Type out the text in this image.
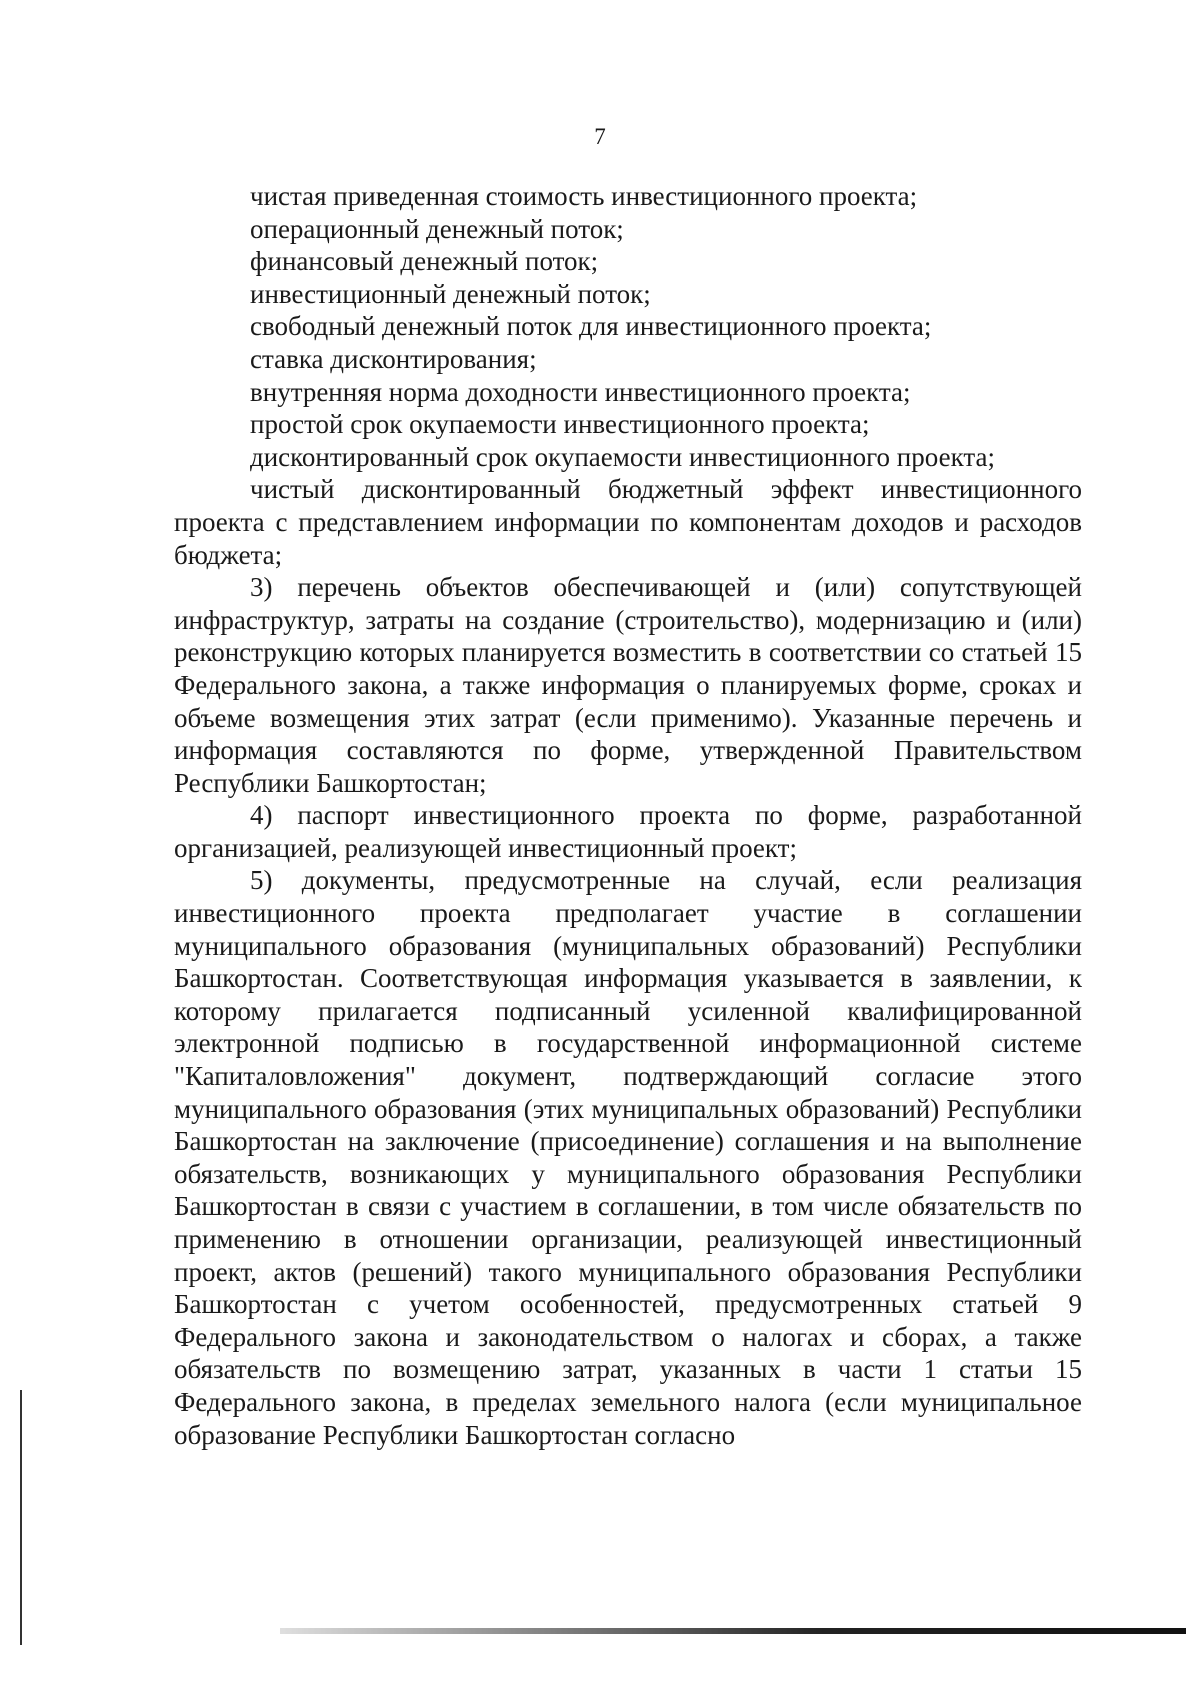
7

чистая приведенная стоимость инвестиционного проекта;

операционный денежный поток;

финансовый денежный поток;

инвестиционный денежный поток;

свободный денежный поток для инвестиционного проекта;

ставка дисконтирования;

внутренняя норма доходности инвестиционного проекта;

простой срок окупаемости инвестиционного проекта;

дисконтированный срок окупаемости инвестиционного проекта;

чистый дисконтированный бюджетный эффект инвестиционного проекта с представлением информации по компонентам доходов и расходов бюджета;

3) перечень объектов обеспечивающей и (или) сопутствующей инфраструктур, затраты на создание (строительство), модернизацию и (или) реконструкцию которых планируется возместить в соответствии со статьей 15 Федерального закона, а также информация о планируемых форме, сроках и объеме возмещения этих затрат (если применимо). Указанные перечень и информация составляются по форме, утвержденной Правительством Республики Башкортостан;

4) паспорт инвестиционного проекта по форме, разработанной организацией, реализующей инвестиционный проект;

5) документы, предусмотренные на случай, если реализация инвестиционного проекта предполагает участие в соглашении муниципального образования (муниципальных образований) Республики Башкортостан. Соответствующая информация указывается в заявлении, к которому прилагается подписанный усиленной квалифицированной электронной подписью в государственной информационной системе "Капиталовложения" документ, подтверждающий согласие этого муниципального образования (этих муниципальных образований) Республики Башкортостан на заключение (присоединение) соглашения и на выполнение обязательств, возникающих у муниципального образования Республики Башкортостан в связи с участием в соглашении, в том числе обязательств по применению в отношении организации, реализующей инвестиционный проект, актов (решений) такого муниципального образования Республики Башкортостан с учетом особенностей, предусмотренных статьей 9 Федерального закона и законодательством о налогах и сборах, а также обязательств по возмещению затрат, указанных в части 1 статьи 15 Федерального закона, в пределах земельного налога (если муниципальное образование Республики Башкортостан согласно
